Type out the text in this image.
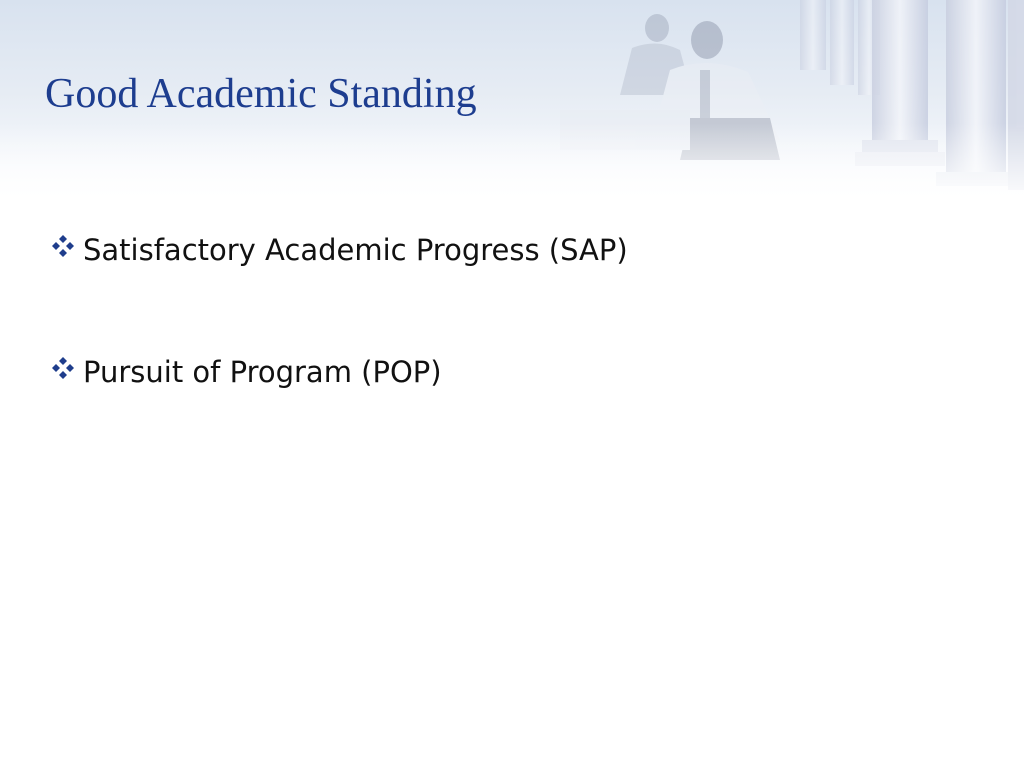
Good Academic Standing
Satisfactory Academic Progress (SAP)
Pursuit of Program (POP)
